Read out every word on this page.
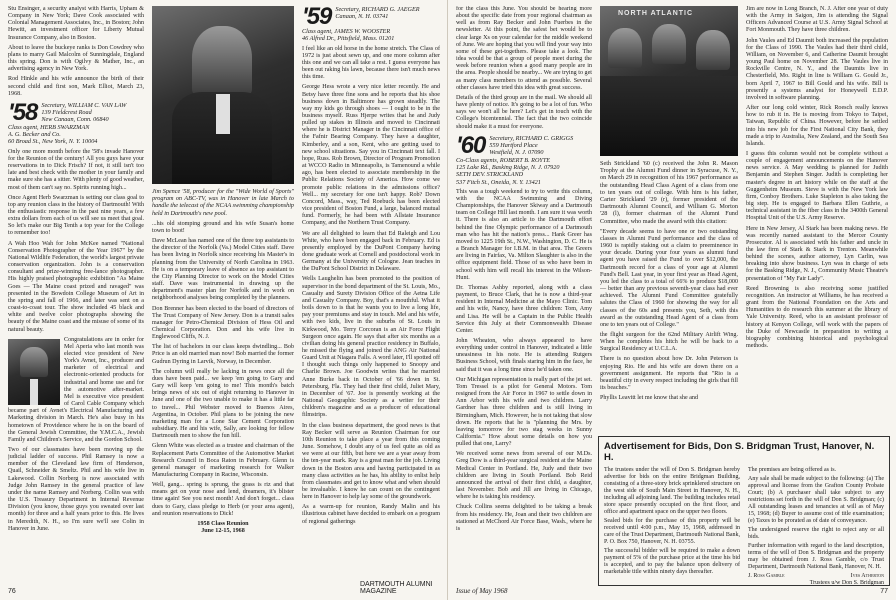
Stu Ensinger, a security analyst with Harris, Upham & Company in New York; Dave Cook associated with Colonial Management Associates, Inc., in Boston; John Hewitt, an investment officer for Liberty Mutual Insurance Company, also in Boston.

About to leave the buckeye ranks is Don Cowdrey who plans to marry Gail Malcolm of Sunningdale, England this spring. Don is with Ogilvy & Mather, Inc., an advertising agency in New York.

Rod Hinkle and his wife announce the birth of their second child and first son, Mark Elliot, March 23, 1968.

'58 Secretary, WILLIAM C. VAN LAW
139 Fieldcrest Road
New Canaan, Conn. 06840
Class agent, HERB SWARZMAN
A. G. Becker and Co.
60 Broad St., New York, N. Y. 10004

Only one more month before the '58's invade Hanover for the Reunion of the century! All you guys have your reservations in to Dick Frisch? If not, it still isn't too late and best check with the mother in your family and make sure she has a sitter. With plenty of good weather, most of them can't say no. Spirits running high...

Once Agent Herb Swarzman is setting our class goal to top any reunion class in the history of Dartmouth! With the enthusiastic response in the past nine years, a few extra dollars from each of us will see us meet that goal. So let's make our Big Tenth a top year for the College to remember too!

A Wah Hoo Wah for John McKee named "National Conservation Photographer of the Year 1967" by the National Wildlife Federation, the world's largest private conservation organization. John is a conservation consultant and prize-winning free-lance photographer. His highly praised photographic exhibition "As Maine Goes — The Maine coast prized and ravaged" was presented in the Bowdoin College Museum of Art in the spring and fall of 1966, and later was sent on a coast-to-coast tour. The show included 45 black and white and twelve color photographs showing the beauty of the Maine coast and the misuse of some of its natural beauty.

Congratulations are in order for Mel Aperia who last month was elected vice president of New York's Avnet, Inc., producer and marketer of electrical and electronic-oriented products for industrial and home use and for the automotive after-market. Mel is executive vice president of Carol Cable Company which became part of Avnet's Electrical Manufacturing and Marketing division in March. He's also busy in his hometown of Providence where he is on the board of the General Jewish Committee, the Y.M.C.A., Jewish Family and Children's Service, and the Gordon School.

Two of our classmates have been moving up the judicial ladder of success. Phil Ramsey is now a member of the Cleveland law firm of Henderson, Quail, Schneider & Smeltz. Phil and his wife live in Lakewood. Collin Norberg is now associated with Judge John Ramsey in the general practice of law under the name Ramsey and Norberg. Collin was with the U.S. Treasury Department in Internal Revenue Division (you know, those guys you sweated over last month) for three and a half years prior to this. He lives in Meredith, N. H., so I'm sure we'll see Colin in Hanover in June.

Jim Spence '58, producer for the "Wide World of Sports" program on ABC-TV, was in Hanover in late March to handle the telecast of the NCAA swimming championship held in Dartmouth's new pool.

...his old stomping ground and his wife Susan's home town to boot!

Dave McLean has named one of the three top assistants to the director of the Norfolk (Va.) Model Cities staff. Dave has been living in Norfolk since receiving his Master's in planning from the University of North Carolina in 1963. He is on a temporary leave of absence as top assistant to the City Planning Director to work on the Model Cities staff. Dave was instrumental in drawing up the department's master plan for Norfolk and in work on neighborhood analyses being completed by the planners.

Don Brenner has been elected to the board of directors of The Trust Company of New Jersey. Don is a transit sales manager for Petro-Chemical Division of Hess Oil and Chemical Corporation. Don and his wife live in Englewood Cliffs, N. J.

The list of bachelors in our class keeps dwindling... Bob Price is an old married man now! Bob married the former Gudrun Dyring in Larvik, Norway, in December.

The column will really be lacking in news once all the dues have been paid... we keep 'em going to Gary and Gary will keep 'em going to me! This month's batch brings news of six out of eight returning to Hanover in June and one of the two unable to make it has a little far to travel... Phil Webster moved to Buenos Aires, Argentina, in October. Phil plans to be joining the new marketing man for a Lone Star Cement Corporation subsidiary. He and his wife, Sally, are looking for fellow Dartmouth men to show the fun hill.

Glenn White was elected as a trustee and chairman of the Replacement Parts Committee of the Automotive Market Research Council in Boca Raton in February. Glenn is general manager of marketing research for Walker Manufacturing Company in Racine, Wisconsin.

Well, gang... spring is sprung, the grass is riz and that means get on your nose and lend, dreamers, it's blister time again! See you next month! And don't forget... class dues to Gary, class pledge to Herb (or your area agent), and reunion reservations to Dick!

1958 Class Reunion
June 12-15, 1968
'59 Secretary, RICHARD G. JAEGER
Canaan, N. H. 03741
Class agent, JAMES W. WOOSTER
46 Alfred Dr., Pittsfield, Mass. 01201

I feel like an old horse in the home stretch. The Class of 1972 is just about sewn up, and one more column after this one and we can all take a rest. I guess everyone has been out raking his lawn, because there isn't much news this time.

George Hess wrote a very nice letter recently. He and Betsy have three fine sons and he reports that his shoe business down in Baltimore has grown steadily. The way my kids go through shoes — I ought to be in the business myself. Russ Hjerpe writes that he and Judy pulled up stakes in Illinois and moved to Cincinnati where he is District Manager in the Cincinnati office of the Fafnir Bearing Company. They have a daughter, Kimberley, and a son, Kent, who are getting used to new school situations. Say you in Cincinnati text fall. I hope, Russ. Rob Brown, Director of Program Promotion at WCCO Radio in Minneapolis, is Tamenound a while ago, has been elected to associate membership in the Public Relations Society of America. How come we promote public relations in the admissions office? Well... my secretary for one isn't happy. Rob? Down Concord, Mass., way, Ted Roebuck has been elected vice president of Boston Fund, a large, balanced mutual fund. Formerly, he had been with Allstate Insurance Company, and the Northern Trust Company.

We are all delighted to learn that Ed Raleigh and Lou White, who have been engaged back in February. Ed is presently employed by the DuPont Company having done graduate work at Cornell and postdoctoral work in Germany at the University of Cologne. Jean teaches in the DuPont School District in Delaware.

Wells Laughelin has been promoted to the position of supervisor in the bond department of the St. Louis, Mo., Casualty and Surety Division Office of the Aetna Life and Casualty Company. Boy, that's a mouthful. What it boils down to is that he wants you to live a long life, pay your premiums and stay in touch. Mel and his wife, with two kids, live in the suburbs of St. Louis in Kirkwood, Mo. Terry Corcoran is an Air Force Flight Surgeon once again. He says that after six months as a civilian doing his general practice residency in Buffalo, he missed the flying and joined the ANG Air National Guard Unit at Niagara Falls. A word later, I'll spotted off I thought such things only happened to Snoopy and Charlie Brown. Joe Goodwin writes that he married Anne Burke back in October of '66 down in St. Petersburg, Fla. They had their first child, Juliet Mary, in December of '67. Joe is presently working at the National Geographic Society as a writer for their children's magazine and as a producer of educational filmstrips.

In the class business department, the good news is that Ray Becker will serve as Reunion Chairman for our 10th Reunion to take place a year from this coming June. Somehow, I doubt any of us feel quite as old as we were at our fifth, but here we are a year away from the ten-year mark. Ray is a great man for the job. Living down in the Boston area and having participated in as many class activities as he has, his ability to enlist help from classmates and get to know what and when should be invaluable. I know he can count on the contingent here in Hanover to help lay some of the groundwork.

As a warm-up for reunion, Randy Malin and his illustrious cabinet have decided to embark on a program of regional gatherings

76
DARTMOUTH ALUMNI MAGAZINE

for the class this June. You should be hearing more about the specific date from your regional chairman as well as from Ray Becker and John Fuerbes in the newsletter. At this point, the safest bet would be to clear large Xs on your calendar for the middle weekend of June. We are hoping that you will find your way into some of these get-togethers. Please take a look. The idea would be that a group of people meet during the week before reunion when a good many people are in the area. People should be nearby... We are trying to get as many class members to attend as possible. Several other classes have tried this idea with great success.

Details of the third group are in the mail. We should all have plenty of notice. It's going to be a lot of fun. Who says we won't all be here? Let's get in touch with the College's bicentennial. The fact that the two coincide should make it a must for everyone.

'60 Secretary, RICHARD C. GRIGGS
559 Hartford Place
Westfield, N. J. 07090
Co-Class agents, ROBERT B. ROYTE
125 Lake Rd., Basking Ridge, N. J. 07920
SETH DEV. STRICKLAND
537 Fitch St., Oneida, N. Y. 13421

This was a tough weekend to try to write this column, with the NCAA Swimming and Diving Championships, the Hanover Skiway and a Dartmouth team on College Hill last month. I am sure it was worth it. There is also an article to the Dartmouth effort behind the fine Olympic performance of a Dartmouth man who has hit the nation's press... Hank Greer has moved to 1225 19th St., N.W., Washington, D. C. He is a Branch Manager for I.B.M. in that area. The Greers are living in Fairfax, Va. Milton Slaughter is also in the office equipment field. Those of us who have been in school with him will recall his interest in the Wilson-Hunt.

Dr. Thomas Ashby reported, along with a class payment, to Bruce Clark, that he is now a third-year resident in Internal Medicine at the Mayo Clinic. Tom and his wife, Nancy, have three children: Tom, Amy and Lisa. He will be a Captain in the Public Health Service this July at their Commonwealth Disease Center.

John Wheaton, who always appeared to have everything under control in Hanover, indicated a little uneasiness in his note. He is attending Rutgers Business School, with finals staring him in the face, he said that it was a long time since he'd taken one.

Our Michigan representation is really part of the jet set. Tom Tressel is a pilot for General Motors. Tom resigned from the Air Force in 1967 to settle down in Ann Arbor with his wife and two children. Larry Gardner has three children and is still living in Birmingham, Mich. However, he is not taking that slow down. He reports that he is "planning the Mrs. by leaving tomorrow for two stag weeks in Sunny California." How about some details on how you pulled that one, Larry?

We received some news from several of our M.Ds. Greg Dow is a third-year surgical resident at the Maine Medical Center in Portland. He, Judy and their two children are living in South Portland. Bob Reid announced the arrival of their first child, a daughter, last November. Bob and Jill are living in Chicago, where he is taking his residency.

Chuck Collins seems delighted to be taking a break from his residency. He, Joan and their two children are stationed at McChord Air Force Base, Wash., where he is

NORTH ATLANTIC
Seth Strickland '60 (c) received the John R. Mason Trophy at the Alumni Fund dinner in Syracuse, N. Y., on March 29 in recognition of his 1967 performance as the outstanding Head Class Agent of a class from one to ten years out of college. With him is his father, Carter Strickland '29 (r), former president of the Dartmouth Alumni Council, and William G. Morton '28 (l), former chairman of the Alumni Fund Committee, who made the award with this citation:

"Every decade seems to have one or two outstanding classes in Alumni Fund performance and the class of 1960 is rapidly staking out a claim to preeminence in your decade. During your four years as alumni fund agent you have raised the Fund to over $12,000, the Dartmouth record for a class of your age at Alumni Fund's Bell. Last year, in your first year as Head Agent, you led the class to a total of 66% to produce $18,000 — better than any previous seventh-year class had ever achieved. The Alumni Fund Committee gratefully salutes the Class of 1960 for showing the way for all classes of the 60s and presents you, Seth, with this award as the outstanding Head Agent of a class from one to ten years out of College."

the flight surgeon for the 62nd Military Airlift Wing. When he completes his hitch he will be back to a Surgical Residency at U.C.L.A.

There is no question about how Dr. John Peterson is enjoying Rio. He and his wife are down there on a government assignment. He reports that "Rio is a beautiful city in every respect including the girls that fill its beaches."

Phyllis Leavitt let me know that she and

Jim are now in Long Branch, N. J. After one year of duty with the Army in Saigon, Jim is attending the Signal Officers Advanced Course at U.S. Army Signal School at Fort Monmouth. They have three children.

John Vaules and Ed Daumit both increased the population for the Class of 1990. The Vaules had their third child, William, on November 6, and Catherine Daumit brought young Paul home on November 28. The Vaules live in Rockville Centre, N. Y., and the Daumits live in Chesterfield, Mo. Right in line is William G. Gould Jr., born April 7, 1967 to Bill Gould and his wife. Bill is presently a systems analyst for Honeywell E.D.P. involved in software planning.

After our long cold winter, Rick Roesch really knows how to rub it in. He is moving from Tokyo to Taipei, Taiwan, Republic of China. However, before he settled into his new job for the First National City Bank, they made a trip to Australia, New Zealand, and the South Sea Islands.

I guess this column would not be complete without a couple of engagement announcements on the Hanover news service. A May wedding is planned for Judith Benjamin and Stephen Singer. Judith is completing her master's degree in art history while on the staff at the Guggenheim Museum. Steve is with the New York law firm, Conboy Brothers. Luke Stapleton is also taking the big step. He is engaged to Barbara Ellen Guthrie, a technical assistant in the fiber class in the 3400th General Hospital Unit of the U.S. Army Reserve.

Here in New Jersey, Al Stark has been making news. He was recently named assistant to the Mercer County Prosecutor. Al is associated with his father and uncle in the law firm of Stark & Stark in Trenton. Meanwhile behind the scenes, author attorney, Lyn Carlin, was breaking into show business. Lyn was in charge of sets for the Basking Ridge, N. J., Community Music Theatre's presentation of "My Fair Lady".

Reed Browning is also receiving some justified recognition. An instructor at Williams, he has received a grant from the National Foundation on the Arts and Humanities to do research this summer at the library of Yale University. Reed, who is an assistant professor of history at Kenyon College, will work with the papers of the Duke of Newcastle in preparation to writing a biography combining historical and psychological methods.

Issue of May 1968	77
Advertisement for Bids, Don S. Bridgman Trust, Hanover, N. H.

The trustees under the will of Don S. Bridgman hereby advertise for bids on the entire Bridgman Building, consisting of a three-story brick sprinklered structure on the west side of South Main Street in Hanover, N. H., including all adjoining land. The building includes retail store space presently occupied on the first floor, and office and apartment space on the upper two floors.

Sealed bids for the purchase of this property will be received until 4:00 p.m., May 15, 1968, addressed in care of the Trust Department, Dartmouth National Bank, P. O. Box 750, Hanover, N. H. 03755.

The successful bidder will be required to make a down payment of 5% of the purchase price at the time his bid is accepted, and to pay the balance upon delivery of marketable title within ninety days thereafter.

The premises are being offered as is.

Any sale shall be made subject to the following: (a) The approval and license from the Grafton County Probate Court; (b) A purchaser shall take subject to any restrictions set forth in the will of Don S. Bridgman; (c) All outstanding leases and tenancies at will as of May 15, 1968; (d) Buyer to assume cost of title examination; (e) Taxes to be prorated as of date of conveyance.

The undersigned reserve the right to reject any or all bids.

Further information with regard to the land description, terms of the will of Don S. Bridgman and the property may be obtained from J. Ross Gamble, c/o Trust Department, Dartmouth National Bank, Hanover, N. H.

J. Ross Gamble	Ives Atherton
Trustees u/w Don S. Bridgman
